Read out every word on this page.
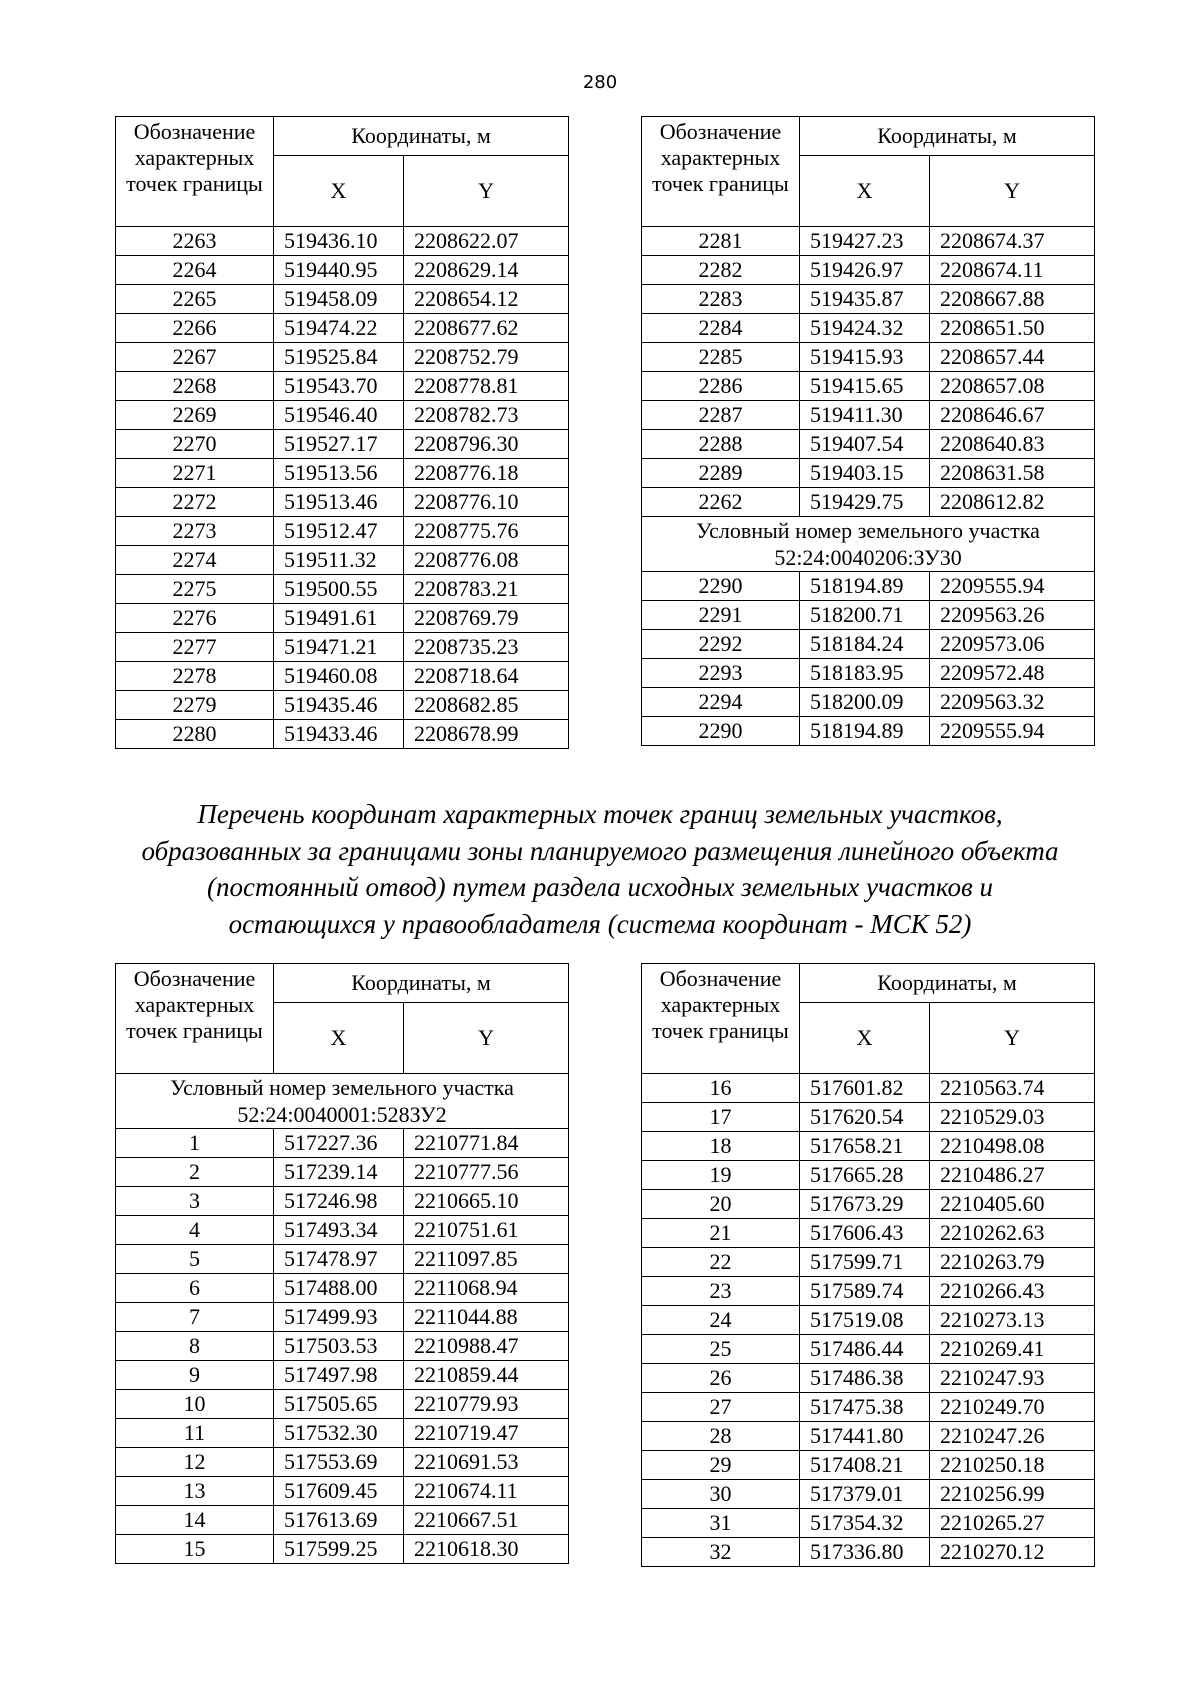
280
Обозначение характерных точек границы	Координаты, м	
	X	Y
2263	519436.10	2208622.07
2264	519440.95	2208629.14
2265	519458.09	2208654.12
2266	519474.22	2208677.62
2267	519525.84	2208752.79
2268	519543.70	2208778.81
2269	519546.40	2208782.73
2270	519527.17	2208796.30
2271	519513.56	2208776.18
2272	519513.46	2208776.10
2273	519512.47	2208775.76
2274	519511.32	2208776.08
2275	519500.55	2208783.21
2276	519491.61	2208769.79
2277	519471.21	2208735.23
2278	519460.08	2208718.64
2279	519435.46	2208682.85
2280	519433.46	2208678.99
Обозначение характерных точек границы	Координаты, м	
	X	Y
2281	519427.23	2208674.37
2282	519426.97	2208674.11
2283	519435.87	2208667.88
2284	519424.32	2208651.50
2285	519415.93	2208657.44
2286	519415.65	2208657.08
2287	519411.30	2208646.67
2288	519407.54	2208640.83
2289	519403.15	2208631.58
2262	519429.75	2208612.82

Условный номер земельного участка
52:24:0040206:ЗУ30		

2290	518194.89	2209555.94
2291	518200.71	2209563.26
2292	518184.24	2209573.06
2293	518183.95	2209572.48
2294	518200.09	2209563.32
2290	518194.89	2209555.94
Перечень координат характерных точек границ земельных участков,
образованных за границами зоны планируемого размещения линейного объекта
(постоянный отвод) путем раздела исходных земельных участков и
остающихся у правообладателя (система координат - МСК 52)
Обозначение характерных точек границы	Координаты, м	
	X	Y

Условный номер земельного участка
52:24:0040001:528ЗУ2		

1	517227.36	2210771.84
2	517239.14	2210777.56
3	517246.98	2210665.10
4	517493.34	2210751.61
5	517478.97	2211097.85
6	517488.00	2211068.94
7	517499.93	2211044.88
8	517503.53	2210988.47
9	517497.98	2210859.44
10	517505.65	2210779.93
11	517532.30	2210719.47
12	517553.69	2210691.53
13	517609.45	2210674.11
14	517613.69	2210667.51
15	517599.25	2210618.30
Обозначение характерных точек границы	Координаты, м	
	X	Y
16	517601.82	2210563.74
17	517620.54	2210529.03
18	517658.21	2210498.08
19	517665.28	2210486.27
20	517673.29	2210405.60
21	517606.43	2210262.63
22	517599.71	2210263.79
23	517589.74	2210266.43
24	517519.08	2210273.13
25	517486.44	2210269.41
26	517486.38	2210247.93
27	517475.38	2210249.70
28	517441.80	2210247.26
29	517408.21	2210250.18
30	517379.01	2210256.99
31	517354.32	2210265.27
32	517336.80	2210270.12
